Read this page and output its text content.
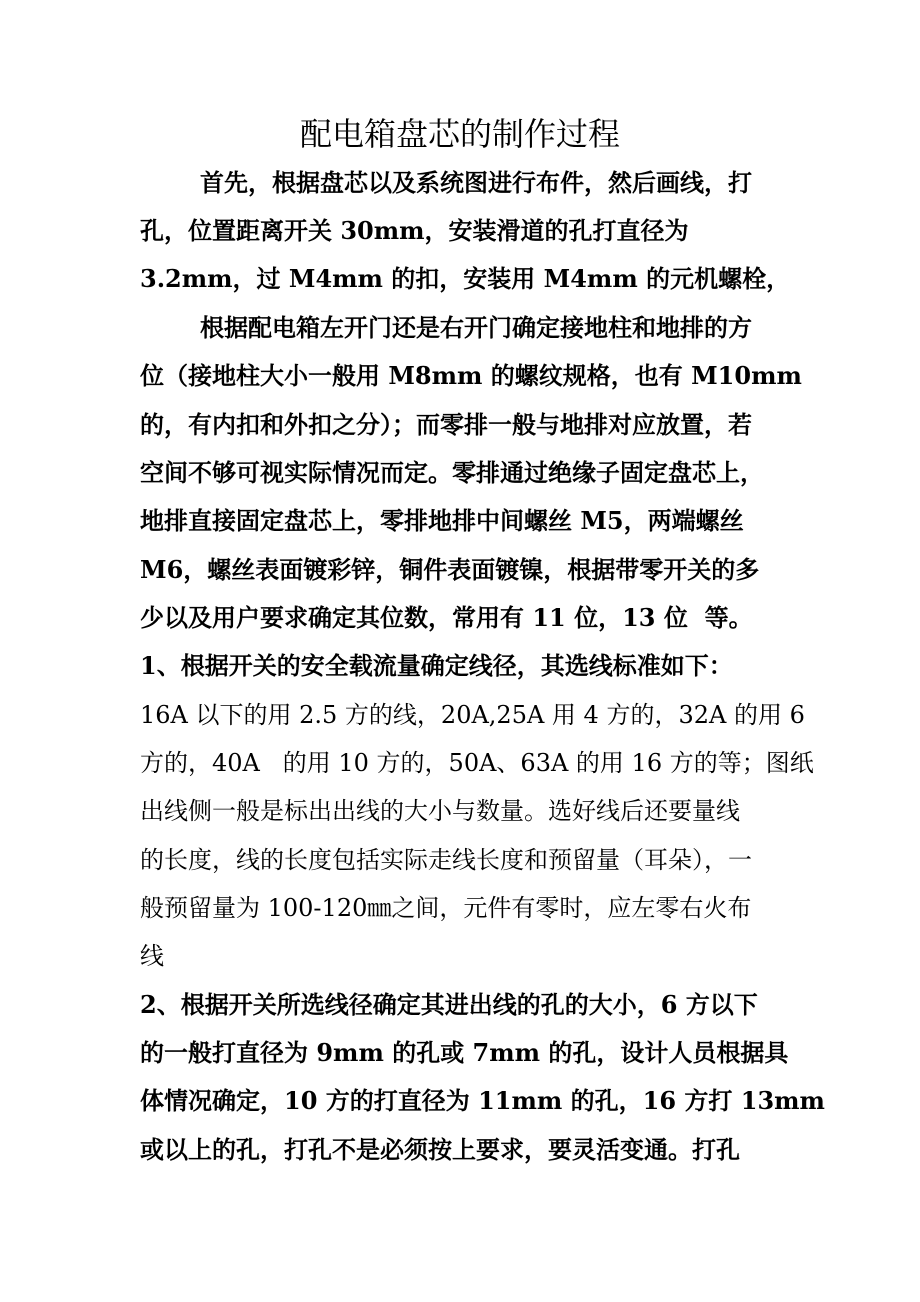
配电箱盘芯的制作过程
首先，根据盘芯以及系统图进行布件，然后画线，打
孔，位置距离开关 30mm，安装滑道的孔打直径为
3.2mm，过 M4mm 的扣，安装用 M4mm 的元机螺栓，
根据配电箱左开门还是右开门确定接地柱和地排的方
位（接地柱大小一般用 M8mm 的螺纹规格，也有 M10mm
的，有内扣和外扣之分）；而零排一般与地排对应放置，若
空间不够可视实际情况而定。零排通过绝缘子固定盘芯上，
地排直接固定盘芯上，零排地排中间螺丝 M5，两端螺丝
M6，螺丝表面镀彩锌，铜件表面镀镍，根据带零开关的多
少以及用户要求确定其位数，常用有 11 位，13 位  等。
1、根据开关的安全载流量确定线径，其选线标准如下：
16A 以下的用 2.5 方的线，20A,25A 用 4 方的，32A 的用 6
方的，40A   的用 10 方的，50A、63A 的用 16 方的等；图纸
出线侧一般是标出出线的大小与数量。选好线后还要量线
的长度，线的长度包括实际走线长度和预留量（耳朵），一
般预留量为 100-120㎜之间，元件有零时，应左零右火布
线
2、根据开关所选线径确定其进出线的孔的大小，6 方以下
的一般打直径为 9mm 的孔或 7mm 的孔，设计人员根据具
体情况确定，10 方的打直径为 11mm 的孔，16 方打 13mm
或以上的孔，打孔不是必须按上要求，要灵活变通。打孔
